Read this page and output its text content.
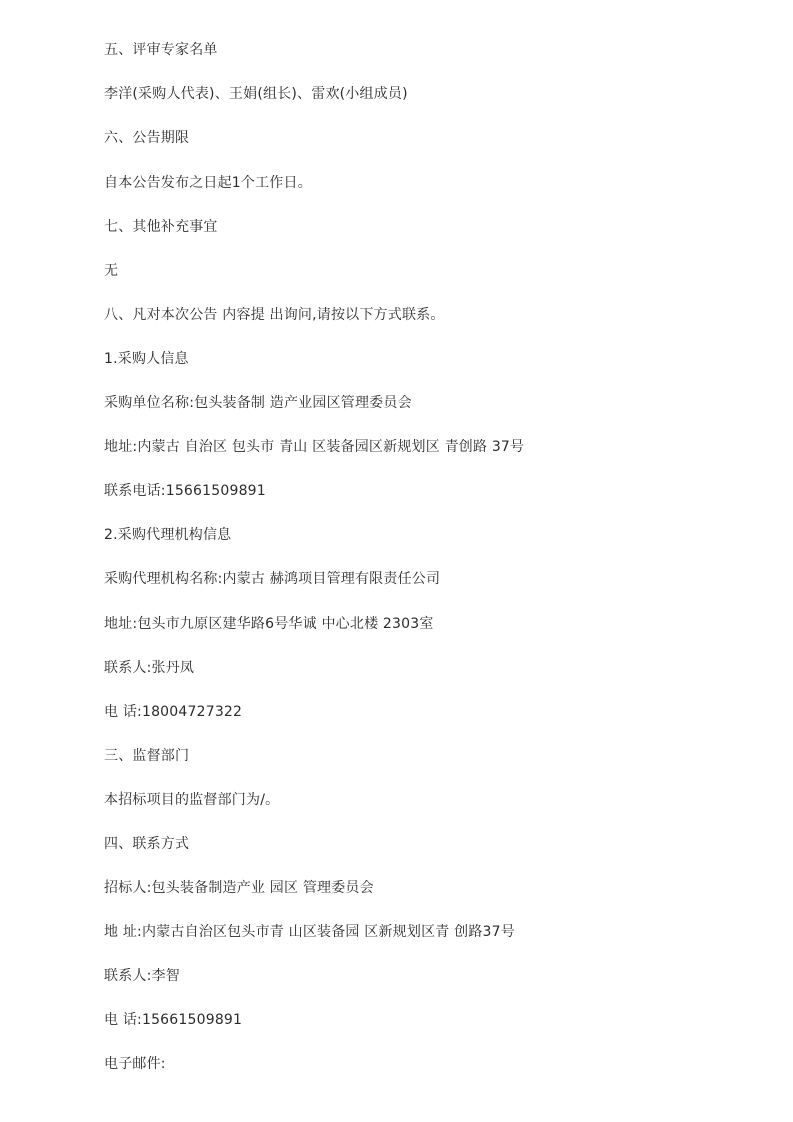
五、评审专家名单
李洋(采购人代表)、王娟(组长)、雷欢(小组成员)
六、公告期限
自本公告发布之日起1个工作日。
七、其他补充事宜
无
八、凡对本次公告 内容提 出询问,请按以下方式联系。
1.采购人信息
采购单位名称:包头装备制 造产业园区管理委员会
地址:内蒙古 自治区 包头市 青山 区装备园区新规划区 青创路 37号
联系电话:15661509891
2.采购代理机构信息
采购代理机构名称:内蒙古 赫鸿项目管理有限责任公司
地址:包头市九原区建华路6号华诚 中心北楼 2303室
联系人:张丹凤
电 话:18004727322
三、监督部门
本招标项目的监督部门为/。
四、联系方式
招标人:包头装备制造产业 园区 管理委员会
地 址:内蒙古自治区包头市青 山区装备园 区新规划区青 创路37号
联系人:李智
电 话:15661509891
电子邮件:
